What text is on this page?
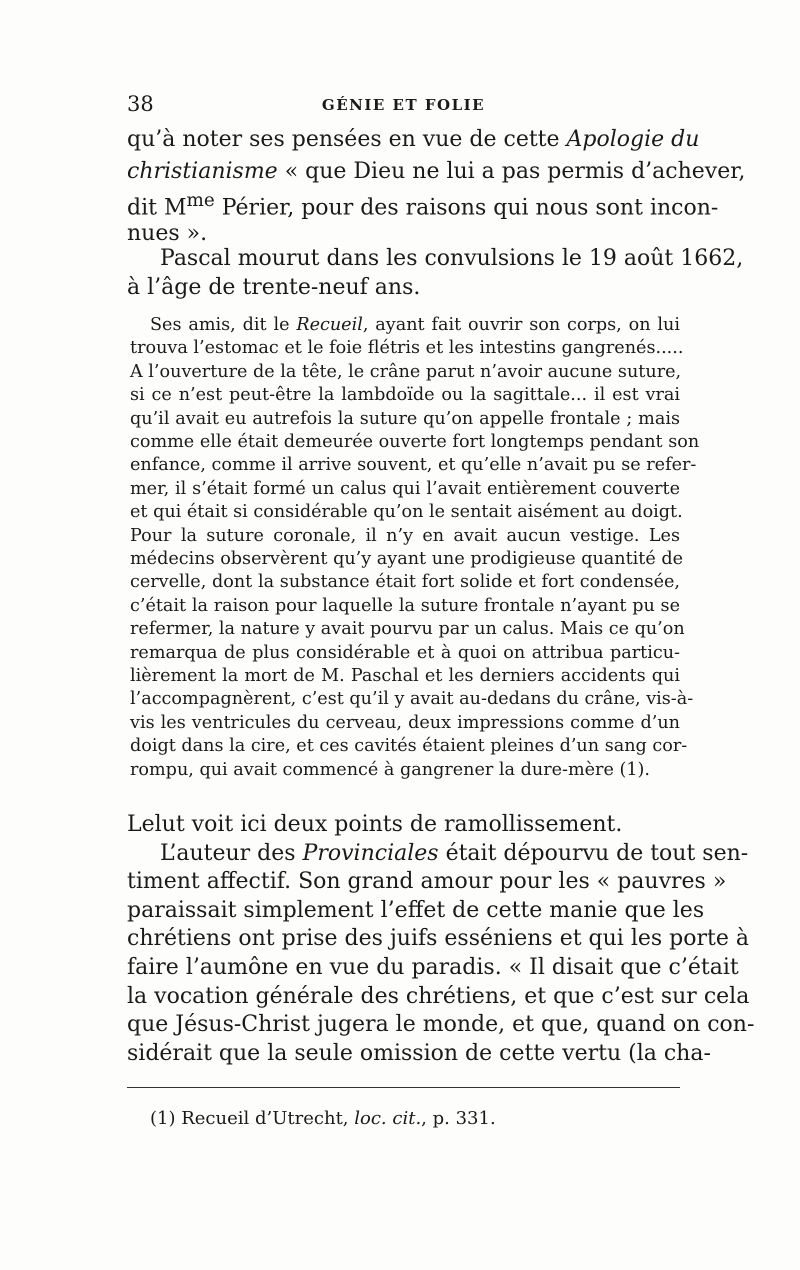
38	GÉNIE ET FOLIE
qu’à noter ses pensées en vue de cette Apologie du
christianisme « que Dieu ne lui a pas permis d’achever,
dit $M^{me}$ Périer, pour des raisons qui nous sont incon-
nues ».
Pascal mourut dans les convulsions le 19 août 1662,
à l’âge de trente-neuf ans.
Ses amis, dit le Recueil, ayant fait ouvrir son corps, on lui
trouva l’estomac et le foie flétris et les intestins gangrenés.....
A l’ouverture de la tête, le crâne parut n’avoir aucune suture,
si ce n’est peut-être la lambdoïde ou la sagittale... il est vrai
qu’il avait eu autrefois la suture qu’on appelle frontale ; mais
comme elle était demeurée ouverte fort longtemps pendant son
enfance, comme il arrive souvent, et qu’elle n’avait pu se refer-
mer, il s’était formé un calus qui l’avait entièrement couverte
et qui était si considérable qu’on le sentait aisément au doigt.
Pour la suture coronale, il n’y en avait aucun vestige. Les
médecins observèrent qu’y ayant une prodigieuse quantité de
cervelle, dont la substance était fort solide et fort condensée,
c’était la raison pour laquelle la suture frontale n’ayant pu se
refermer, la nature y avait pourvu par un calus. Mais ce qu’on
remarqua de plus considérable et à quoi on attribua particu-
lièrement la mort de M. Paschal et les derniers accidents qui
l’accompagnèrent, c’est qu’il y avait au-dedans du crâne, vis-à-
vis les ventricules du cerveau, deux impressions comme d’un
doigt dans la cire, et ces cavités étaient pleines d’un sang cor-
rompu, qui avait commencé à gangrener la dure-mère (1).
Lelut voit ici deux points de ramollissement.
L’auteur des Provinciales était dépourvu de tout sen-
timent affectif. Son grand amour pour les « pauvres »
paraissait simplement l’effet de cette manie que les
chrétiens ont prise des juifs esséniens et qui les porte à
faire l’aumône en vue du paradis. « Il disait que c’était
la vocation générale des chrétiens, et que c’est sur cela
que Jésus-Christ jugera le monde, et que, quand on con-
sidérait que la seule omission de cette vertu (la cha-
(1) Recueil d’Utrecht, loc. cit., p. 331.
